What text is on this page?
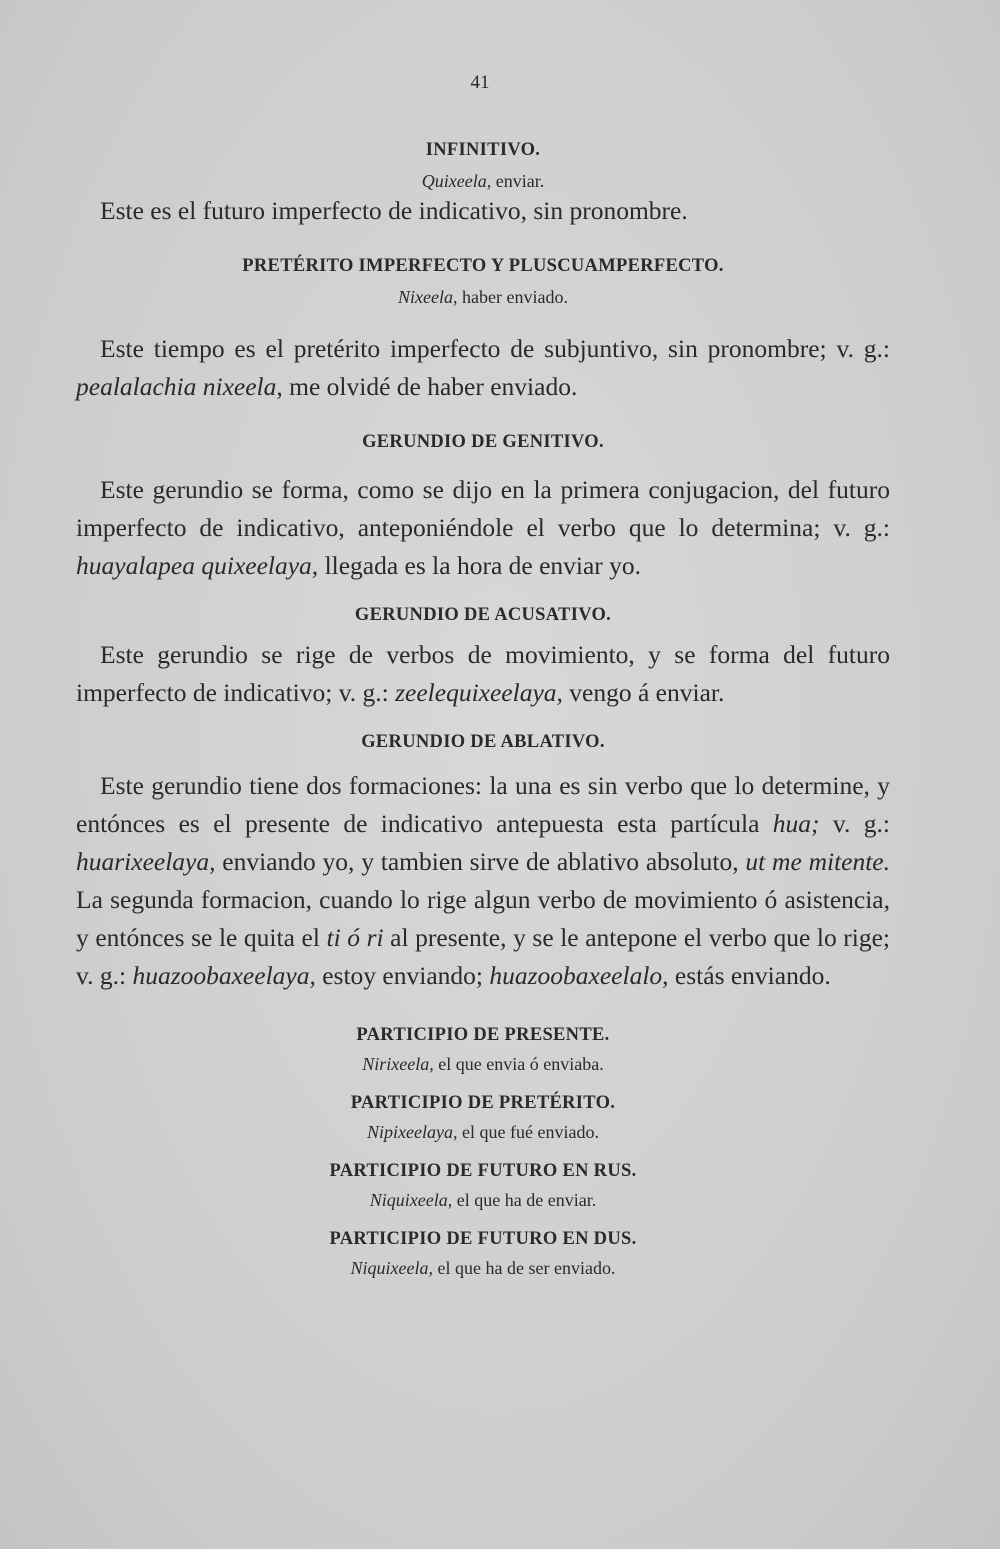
41
INFINITIVO.
Quixeela, enviar.

Este es el futuro imperfecto de indicativo, sin pronombre.

PRETÉRITO IMPERFECTO Y PLUSCUAMPERFECTO.
Nixeela, haber enviado.

Este tiempo es el pretérito imperfecto de subjuntivo, sin pronombre; v. g.: pealalachia nixeela, me olvidé de haber enviado.

GERUNDIO DE GENITIVO.

Este gerundio se forma, como se dijo en la primera conjugacion, del futuro imperfecto de indicativo, anteponiéndole el verbo que lo determina; v. g.: huayalapea quixeelaya, llegada es la hora de enviar yo.

GERUNDIO DE ACUSATIVO.

Este gerundio se rige de verbos de movimiento, y se forma del futuro imperfecto de indicativo; v. g.: zeelequixeelaya, vengo á enviar.

GERUNDIO DE ABLATIVO.

Este gerundio tiene dos formaciones: la una es sin verbo que lo determine, y entónces es el presente de indicativo antepuesta esta partícula hua; v. g.: huarixeelaya, enviando yo, y tambien sirve de ablativo absoluto, ut me mitente. La segunda formacion, cuando lo rige algun verbo de movimiento ó asistencia, y entónces se le quita el ti ó ri al presente, y se le antepone el verbo que lo rige; v. g.: huazoobaxeelaya, estoy enviando; huazoobaxeelalo, estás enviando.

PARTICIPIO DE PRESENTE.
Nirixeela, el que envia ó enviaba.
PARTICIPIO DE PRETÉRITO.
Nipixeelaya, el que fué enviado.
PARTICIPIO DE FUTURO EN RUS.
Niquixeela, el que ha de enviar.
PARTICIPIO DE FUTURO EN DUS.
Niquixeela, el que ha de ser enviado.
